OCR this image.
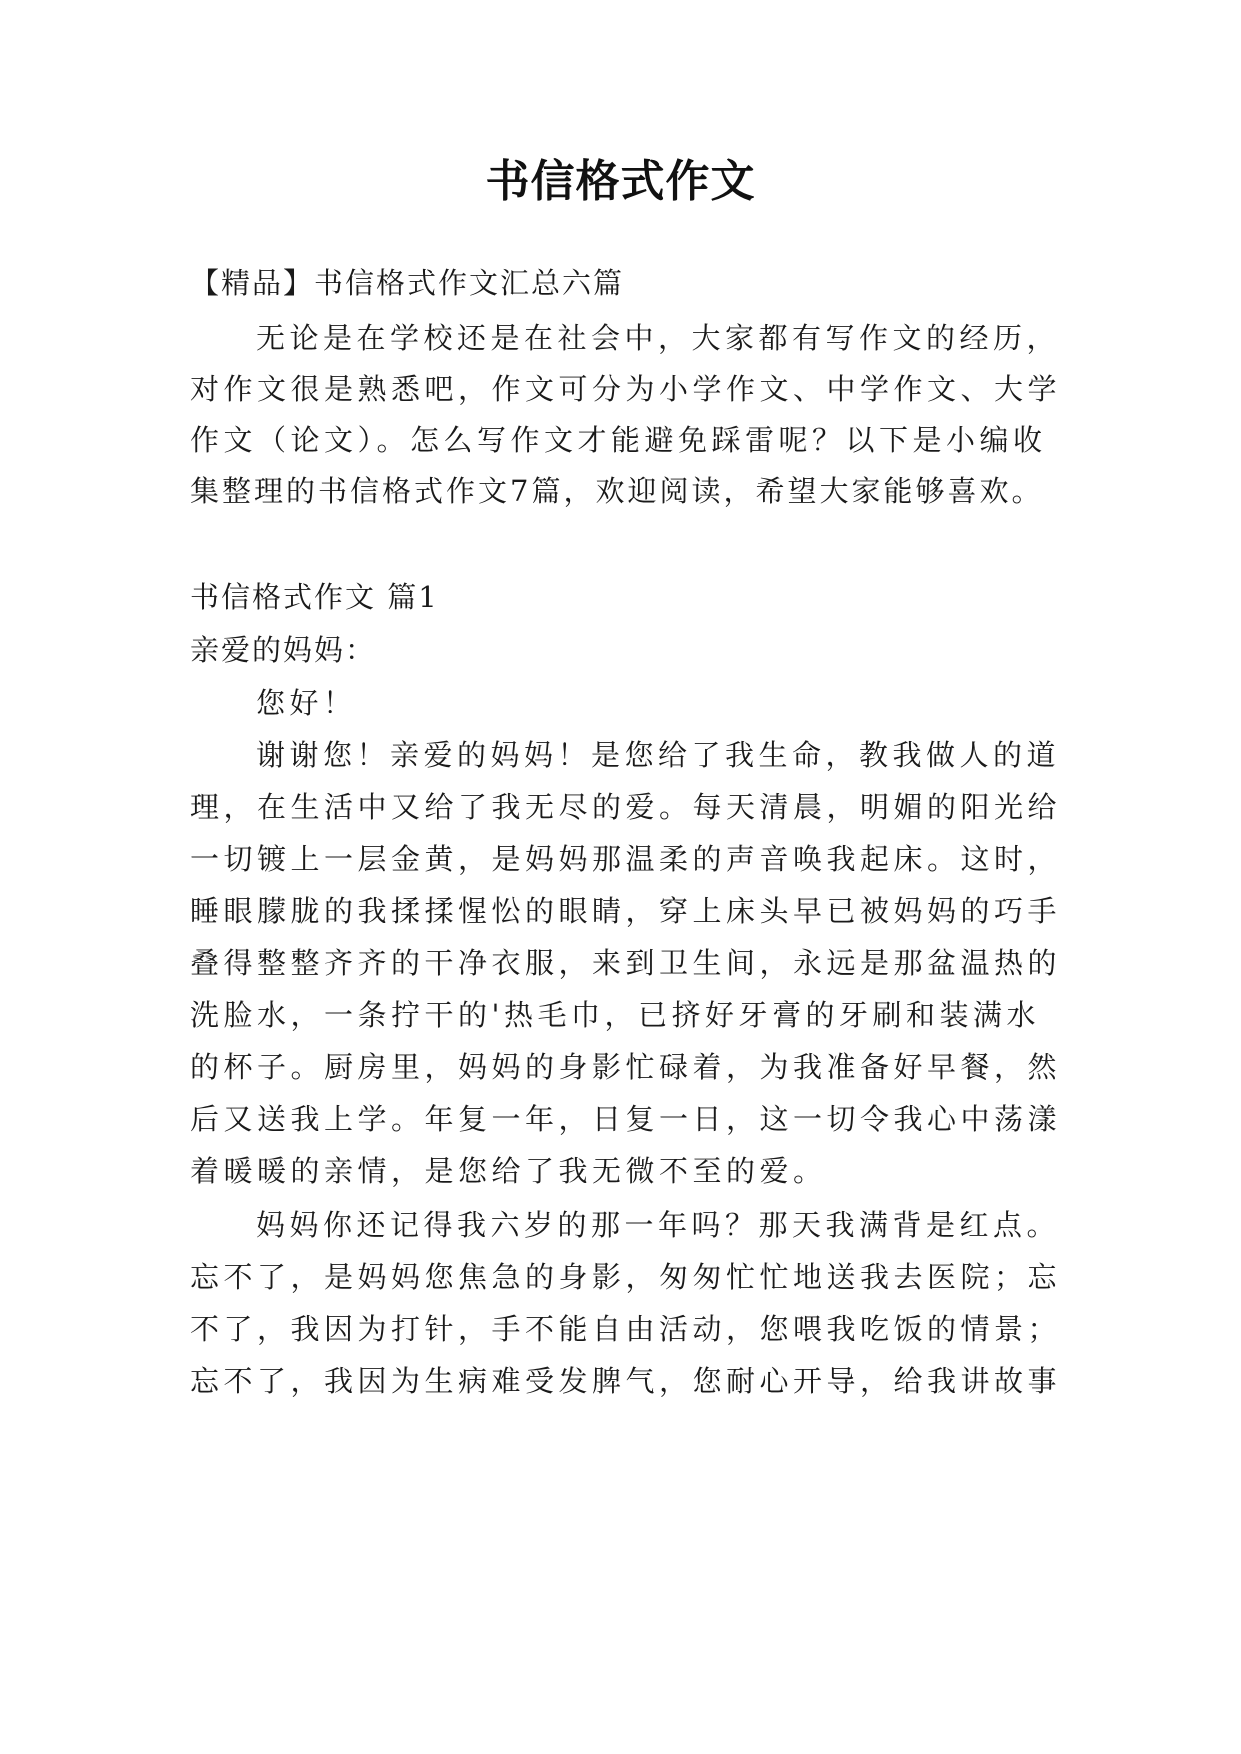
书信格式作文
【精品】书信格式作文汇总六篇
无论是在学校还是在社会中，大家都有写作文的经历，
对作文很是熟悉吧，作文可分为小学作文、中学作文、大学
作文（论文）。怎么写作文才能避免踩雷呢？以下是小编收
集整理的书信格式作文7篇，欢迎阅读，希望大家能够喜欢。
书信格式作文 篇1
亲爱的妈妈：
您好！
谢谢您！亲爱的妈妈！是您给了我生命，教我做人的道
理，在生活中又给了我无尽的爱。每天清晨，明媚的阳光给
一切镀上一层金黄，是妈妈那温柔的声音唤我起床。这时，
睡眼朦胧的我揉揉惺忪的眼睛，穿上床头早已被妈妈的巧手
叠得整整齐齐的干净衣服，来到卫生间，永远是那盆温热的
洗脸水，一条拧干的'热毛巾，已挤好牙膏的牙刷和装满水
的杯子。厨房里，妈妈的身影忙碌着，为我准备好早餐，然
后又送我上学。年复一年，日复一日，这一切令我心中荡漾
着暖暖的亲情，是您给了我无微不至的爱。
妈妈你还记得我六岁的那一年吗？那天我满背是红点。
忘不了，是妈妈您焦急的身影，匆匆忙忙地送我去医院；忘
不了，我因为打针，手不能自由活动，您喂我吃饭的情景；
忘不了，我因为生病难受发脾气，您耐心开导，给我讲故事
